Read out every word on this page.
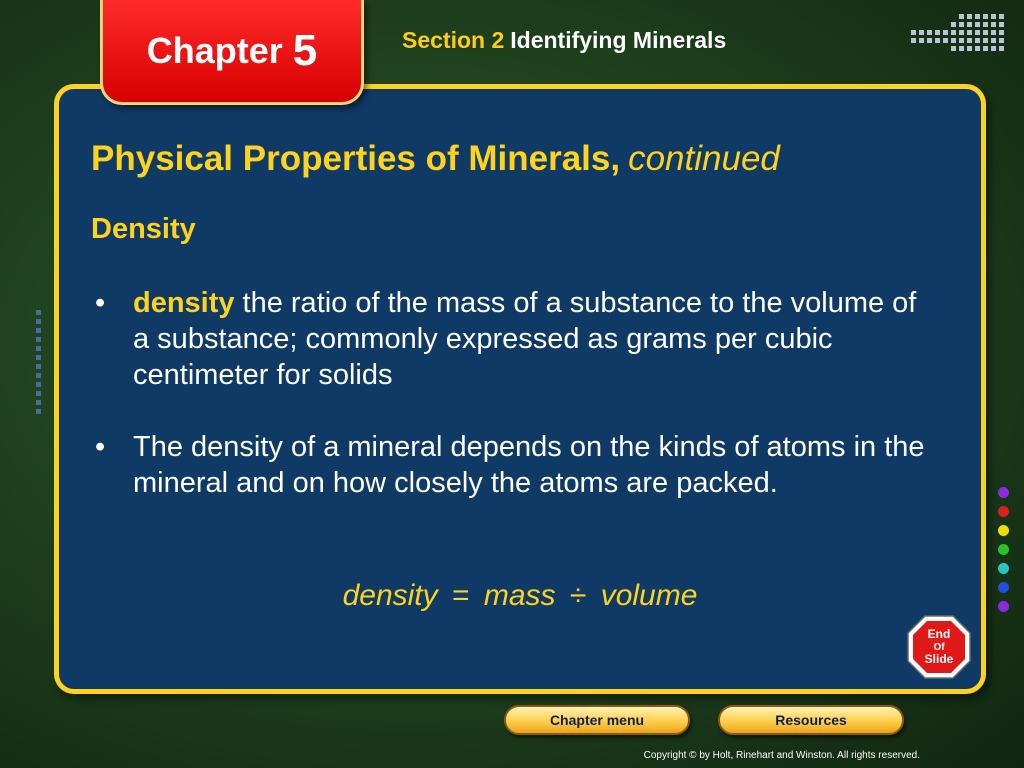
Chapter 5	Section 2 Identifying Minerals
Physical Properties of Minerals, continued
Density
• density the ratio of the mass of a substance to the volume of a substance; commonly expressed as grams per cubic centimeter for solids
• The density of a mineral depends on the kinds of atoms in the mineral and on how closely the atoms are packed.
density = mass ÷ volume
End
Of
Slide
Chapter menu	Resources
Copyright © by Holt, Rinehart and Winston. All rights reserved.
